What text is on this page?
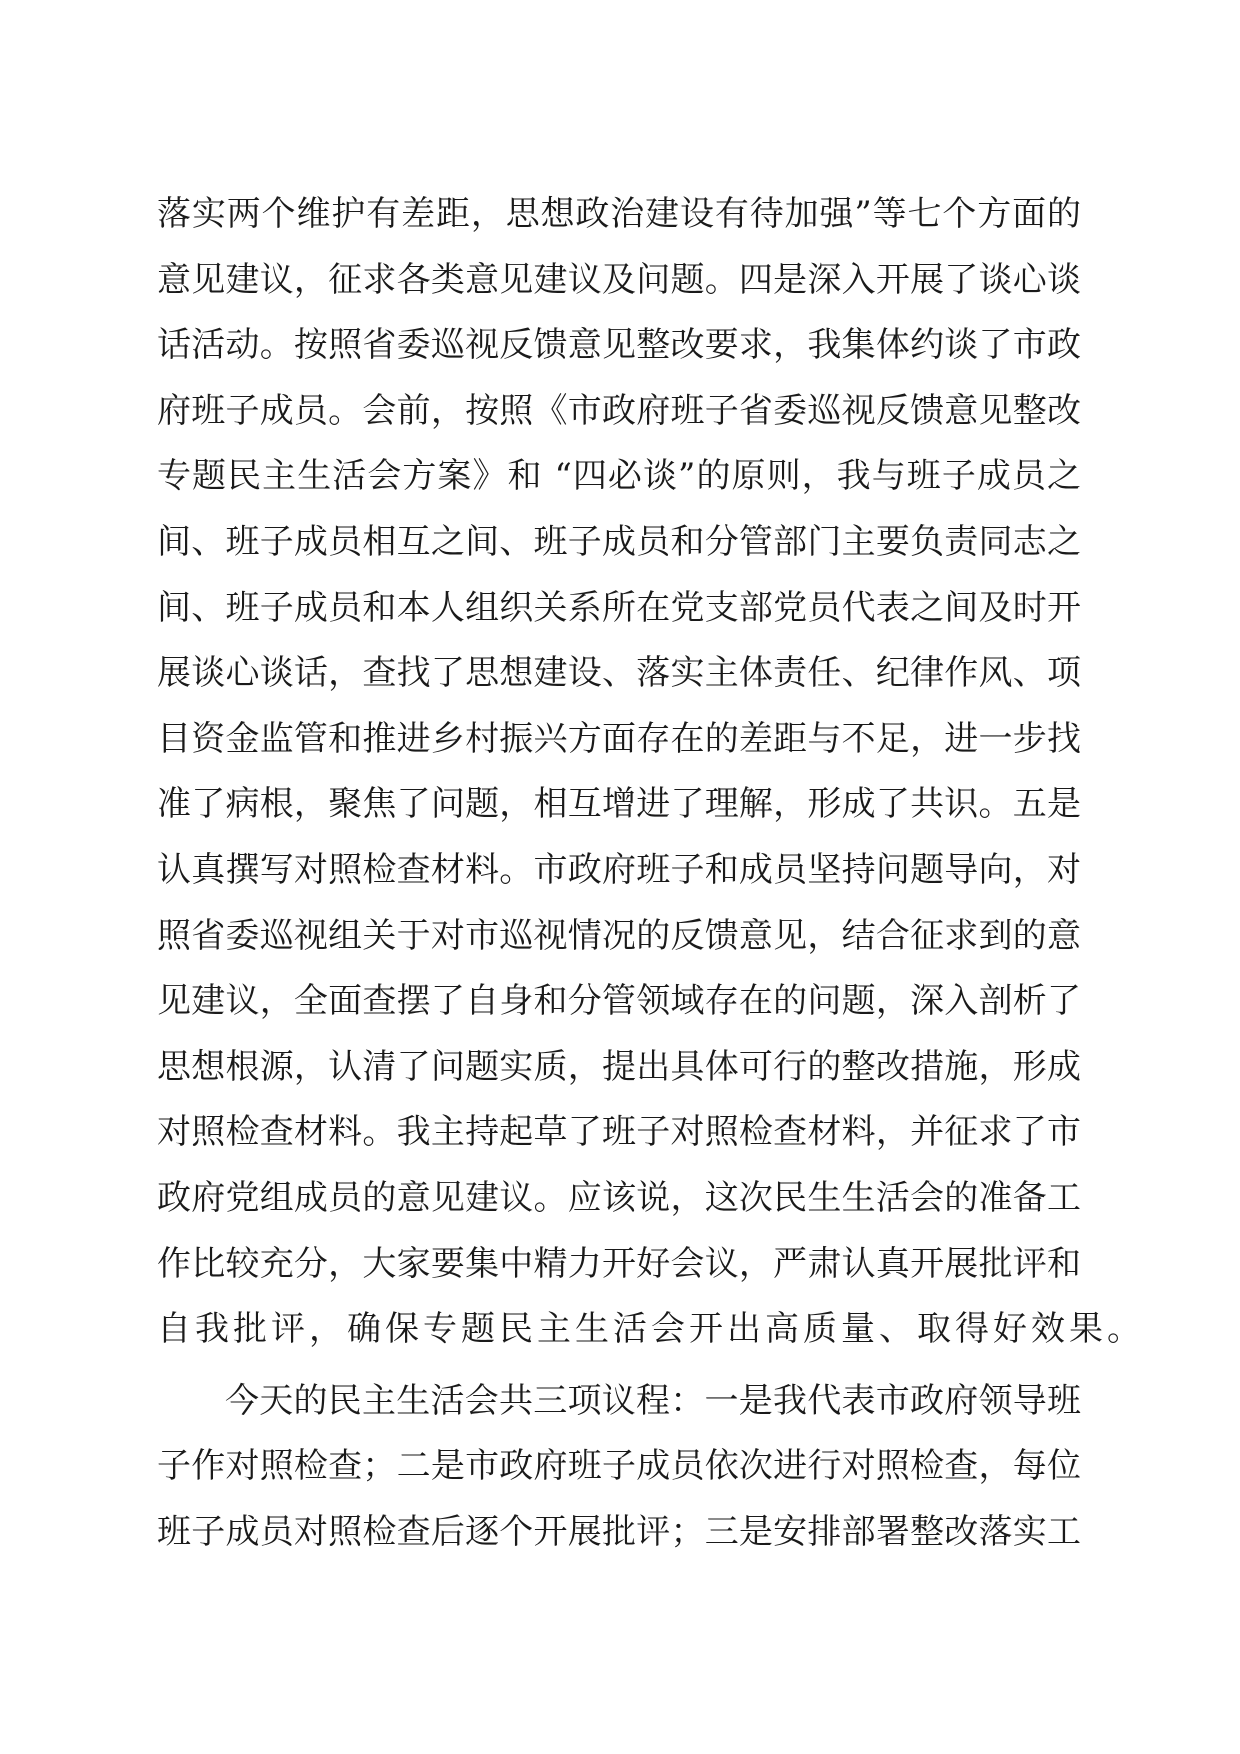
落实两个维护有差距，思想政治建设有待加强”等七个方面的
意见建议，征求各类意见建议及问题。四是深入开展了谈心谈
话活动。按照省委巡视反馈意见整改要求，我集体约谈了市政
府班子成员。会前，按照《市政府班子省委巡视反馈意见整改
专题民主生活会方案》和 “四必谈”的原则，我与班子成员之
间、班子成员相互之间、班子成员和分管部门主要负责同志之
间、班子成员和本人组织关系所在党支部党员代表之间及时开
展谈心谈话，查找了思想建设、落实主体责任、纪律作风、项
目资金监管和推进乡村振兴方面存在的差距与不足，进一步找
准了病根，聚焦了问题，相互增进了理解，形成了共识。五是
认真撰写对照检查材料。市政府班子和成员坚持问题导向，对
照省委巡视组关于对市巡视情况的反馈意见，结合征求到的意
见建议，全面查摆了自身和分管领域存在的问题，深入剖析了
思想根源，认清了问题实质，提出具体可行的整改措施，形成
对照检查材料。我主持起草了班子对照检查材料，并征求了市
政府党组成员的意见建议。应该说，这次民生生活会的准备工
作比较充分，大家要集中精力开好会议，严肃认真开展批评和
自我批评，确保专题民主生活会开出高质量、取得好效果。
今天的民主生活会共三项议程：一是我代表市政府领导班
子作对照检查；二是市政府班子成员依次进行对照检查，每位
班子成员对照检查后逐个开展批评；三是安排部署整改落实工
